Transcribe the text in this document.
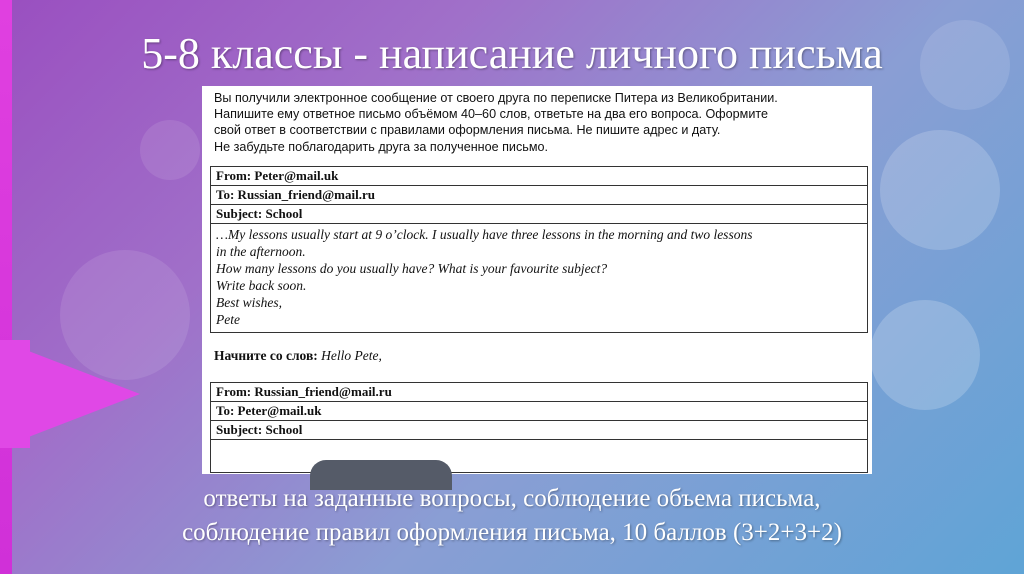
5-8 классы - написание личного письма
Вы получили электронное сообщение от своего друга по переписке Питера из Великобритании.
Напишите ему ответное письмо объёмом 40–60 слов, ответьте на два его вопроса. Оформите
свой ответ в соответствии с правилами оформления письма. Не пишите адрес и дату.
Не забудьте поблагодарить друга за полученное письмо.
From: Peter@mail.uk
To: Russian_friend@mail.ru
Subject: School

…My lessons usually start at 9 o’clock. I usually have three lessons in the morning and two lessons
in the afternoon.
How many lessons do you usually have? What is your favourite subject?
Write back soon.
Best wishes,
Pete
Начните со слов: Hello Pete,
From: Russian_friend@mail.ru
To: Peter@mail.uk
Subject: School

ответы на заданные вопросы, соблюдение объема письма,
соблюдение правил оформления письма, 10 баллов (3+2+3+2)
